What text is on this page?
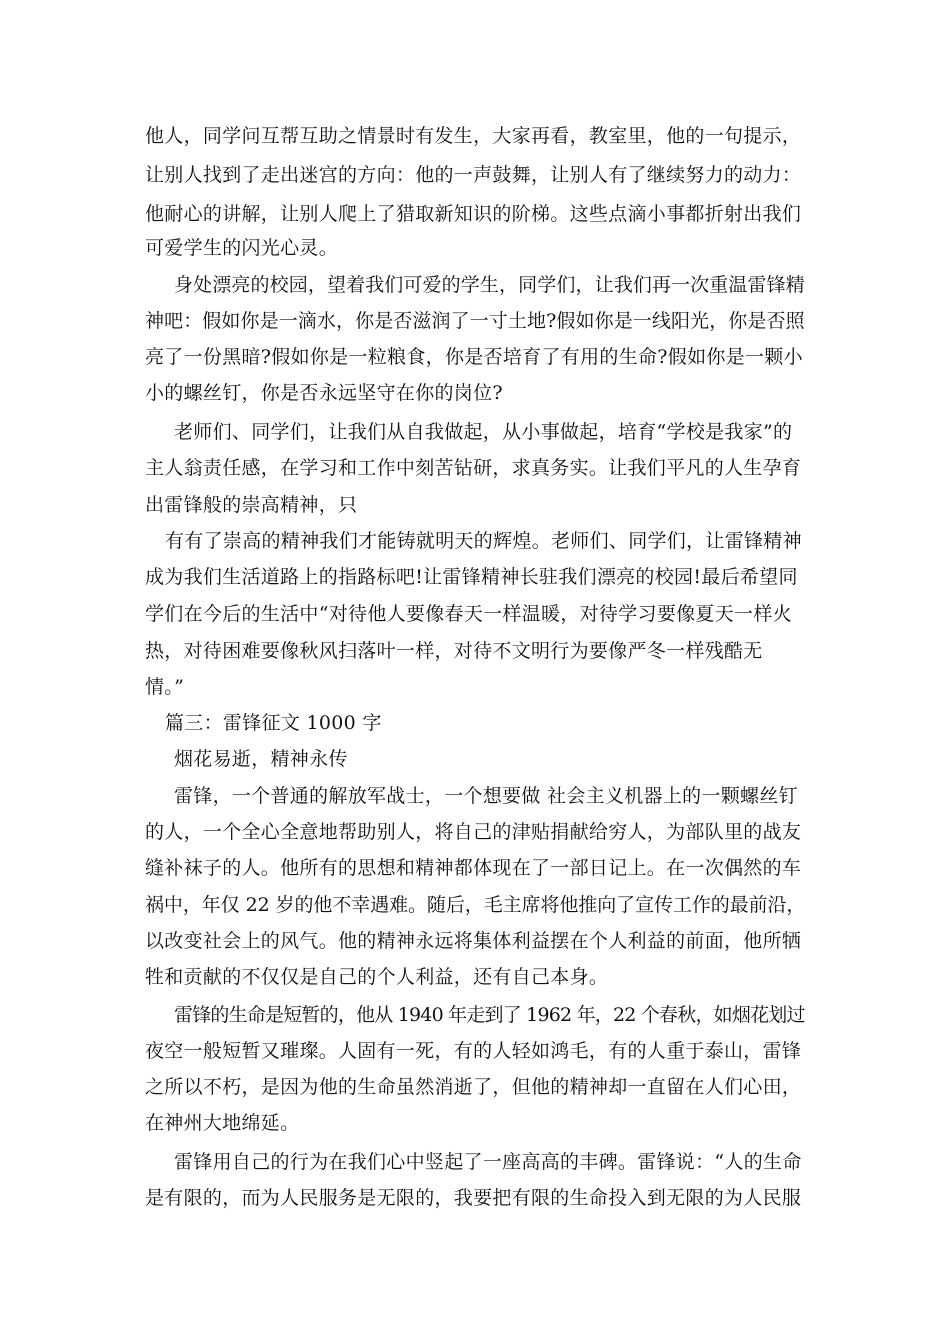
他人，同学问互帮互助之情景时有发生，大家再看，教室里，他的一句提示，
让别人找到了走出迷宫的方向：他的一声鼓舞，让别人有了继续努力的动力：
他耐心的讲解，让别人爬上了猎取新知识的阶梯。这些点滴小事都折射出我们
可爱学生的闪光心灵。
身处漂亮的校园，望着我们可爱的学生，同学们，让我们再一次重温雷锋精
神吧：假如你是一滴水，你是否滋润了一寸土地?假如你是一线阳光，你是否照
亮了一份黑暗?假如你是一粒粮食，你是否培育了有用的生命?假如你是一颗小
小的螺丝钉，你是否永远坚守在你的岗位?
老师们、同学们，让我们从自我做起，从小事做起，培育“学校是我家”的
主人翁责任感，在学习和工作中刻苦钻研，求真务实。让我们平凡的人生孕育
出雷锋般的崇高精神，只
有有了崇高的精神我们才能铸就明天的辉煌。老师们、同学们，让雷锋精神
成为我们生活道路上的指路标吧!让雷锋精神长驻我们漂亮的校园!最后希望同
学们在今后的生活中“对待他人要像春天一样温暖，对待学习要像夏天一样火
热，对待困难要像秋风扫落叶一样，对待不文明行为要像严冬一样残酷无
情。”
篇三：雷锋征文 1000 字
烟花易逝，精神永传
雷锋，一个普通的解放军战士，一个想要做 社会主义机器上的一颗螺丝钉
的人，一个全心全意地帮助别人，将自己的津贴捐献给穷人，为部队里的战友
缝补袜子的人。他所有的思想和精神都体现在了一部日记上。在一次偶然的车
祸中，年仅 22 岁的他不幸遇难。随后，毛主席将他推向了宣传工作的最前沿，
以改变社会上的风气。他的精神永远将集体利益摆在个人利益的前面，他所牺
牲和贡献的不仅仅是自己的个人利益，还有自己本身。
雷锋的生命是短暂的，他从 1940 年走到了 1962 年，22 个春秋，如烟花划过
夜空一般短暂又璀璨。人固有一死，有的人轻如鸿毛，有的人重于泰山，雷锋
之所以不朽，是因为他的生命虽然消逝了，但他的精神却一直留在人们心田，
在神州大地绵延。
雷锋用自己的行为在我们心中竖起了一座高高的丰碑。雷锋说：“人的生命
是有限的，而为人民服务是无限的，我要把有限的生命投入到无限的为人民服
